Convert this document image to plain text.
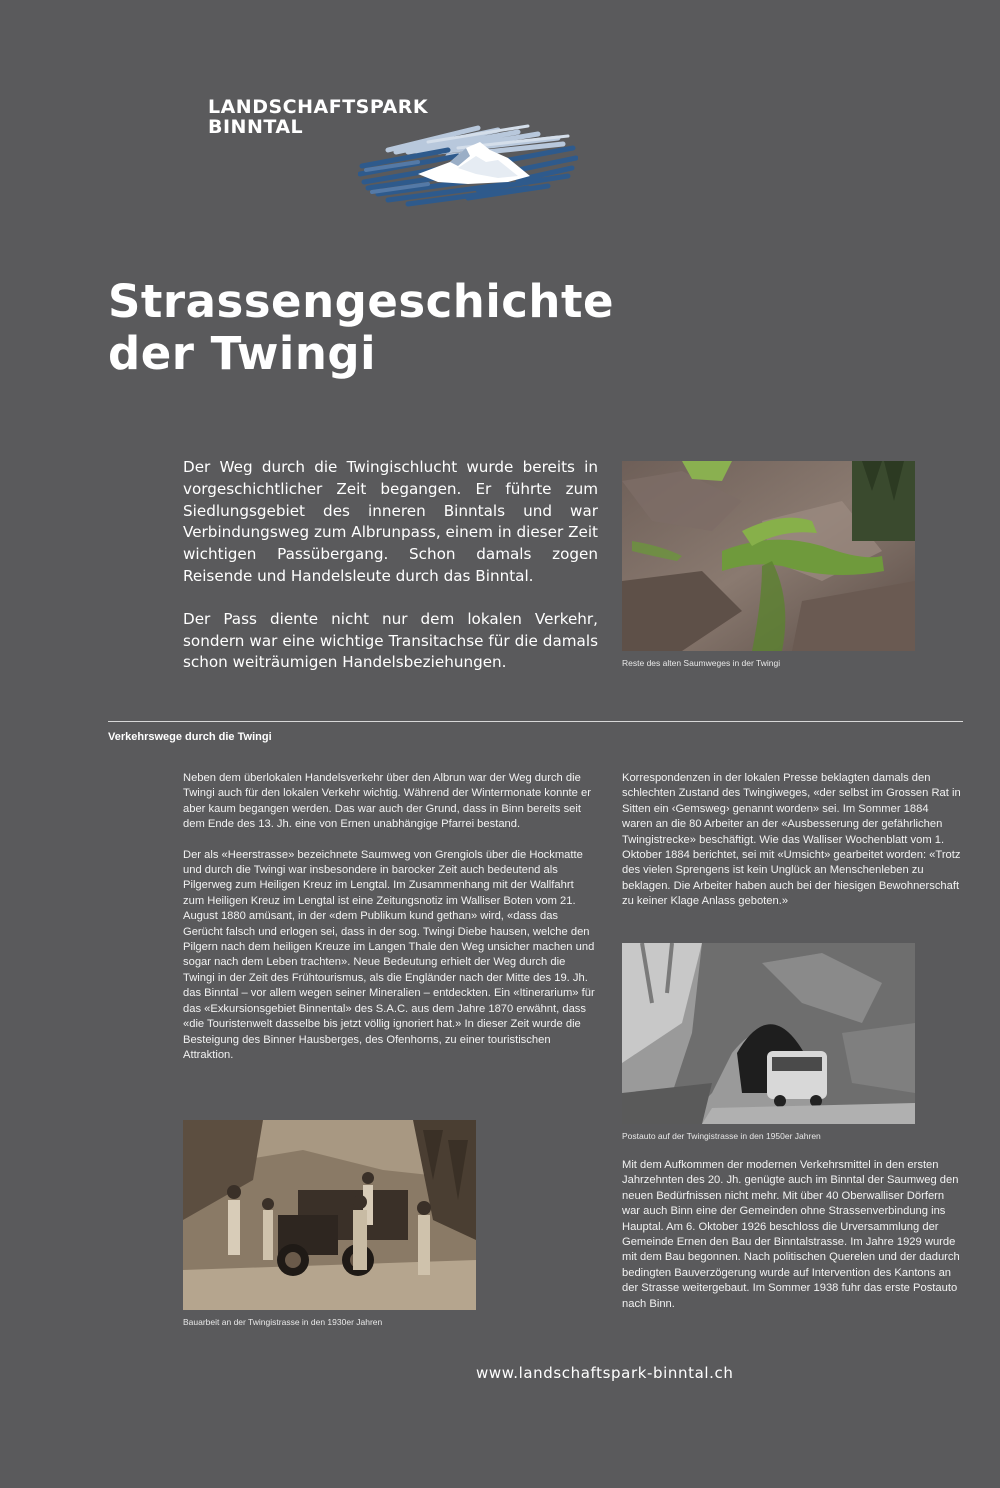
LANDSCHAFTSPARK
BINNTAL
Strassengeschichte
der Twingi

Der Weg durch die Twingischlucht wurde bereits in vorgeschichtlicher Zeit begangen. Er führte zum Siedlungsgebiet des inneren Binntals und war Verbindungsweg zum Albrunpass, einem in dieser Zeit wichtigen Passübergang. Schon damals zogen Reisende und Handelsleute durch das Binntal.

Der Pass diente nicht nur dem lokalen Verkehr, sondern war eine wichtige Transitachse für die damals schon weiträumigen Handelsbeziehungen.	Reste des alten Saumweges in der Twingi
Verkehrswege durch die Twingi

Neben dem überlokalen Handelsverkehr über den Albrun war der Weg durch die Twingi auch für den lokalen Verkehr wichtig. Während der Wintermonate konnte er aber kaum begangen werden. Das war auch der Grund, dass in Binn bereits seit dem Ende des 13. Jh. eine von Ernen unabhängige Pfarrei bestand.

Der als «Heerstrasse» bezeichnete Saumweg von Grengiols über die Hockmatte und durch die Twingi war insbesondere in barocker Zeit auch bedeutend als Pilgerweg zum Heiligen Kreuz im Lengtal. Im Zusammenhang mit der Wallfahrt zum Heiligen Kreuz im Lengtal ist eine Zeitungsnotiz im Walliser Boten vom 21. August 1880 amüsant, in der «dem Publikum kund gethan» wird, «dass das Gerücht falsch und erlogen sei, dass in der sog. Twingi Diebe hausen, welche den Pilgern nach dem heiligen Kreuze im Langen Thale den Weg unsicher machen und sogar nach dem Leben trachten». Neue Bedeutung erhielt der Weg durch die Twingi in der Zeit des Frühtourismus, als die Engländer nach der Mitte des 19. Jh. das Binntal – vor allem wegen seiner Mineralien – entdeckten. Ein «Itinerarium» für das «Exkursionsgebiet Binnental» des S.A.C. aus dem Jahre 1870 erwähnt, dass «die Touristenwelt dasselbe bis jetzt völlig ignoriert hat.» In dieser Zeit wurde die Besteigung des Binner Hausberges, des Ofenhorns, zu einer touristischen Attraktion.

Korrespondenzen in der lokalen Presse beklagten damals den schlechten Zustand des Twingiweges, «der selbst im Grossen Rat in Sitten ein ‹Gemsweg› genannt worden» sei. Im Sommer 1884 waren an die 80 Arbeiter an der «Ausbesserung der gefährlichen Twingistrecke» beschäftigt. Wie das Walliser Wochenblatt vom 1. Oktober 1884 berichtet, sei mit «Umsicht» gearbeitet worden: «Trotz des vielen Sprengens ist kein Unglück an Menschenleben zu beklagen. Die Arbeiter haben auch bei der hiesigen Bewohnerschaft zu keiner Klage Anlass geboten.»

Postauto auf der Twingistrasse in den 1950er Jahren

Mit dem Aufkommen der modernen Verkehrsmittel in den ersten Jahrzehnten des 20. Jh. genügte auch im Binntal der Saumweg den neuen Bedürfnissen nicht mehr. Mit über 40 Oberwalliser Dörfern war auch Binn eine der Gemeinden ohne Strassenverbindung ins Hauptal. Am 6. Oktober 1926 beschloss die Urversammlung der Gemeinde Ernen den Bau der Binntalstrasse. Im Jahre 1929 wurde mit dem Bau begonnen. Nach politischen Querelen und der dadurch bedingten Bauverzögerung wurde auf Intervention des Kantons an der Strasse weitergebaut. Im Sommer 1938 fuhr das erste Postauto nach Binn.

Bauarbeit an der Twingistrasse in den 1930er Jahren
www.landschaftspark-binntal.ch
